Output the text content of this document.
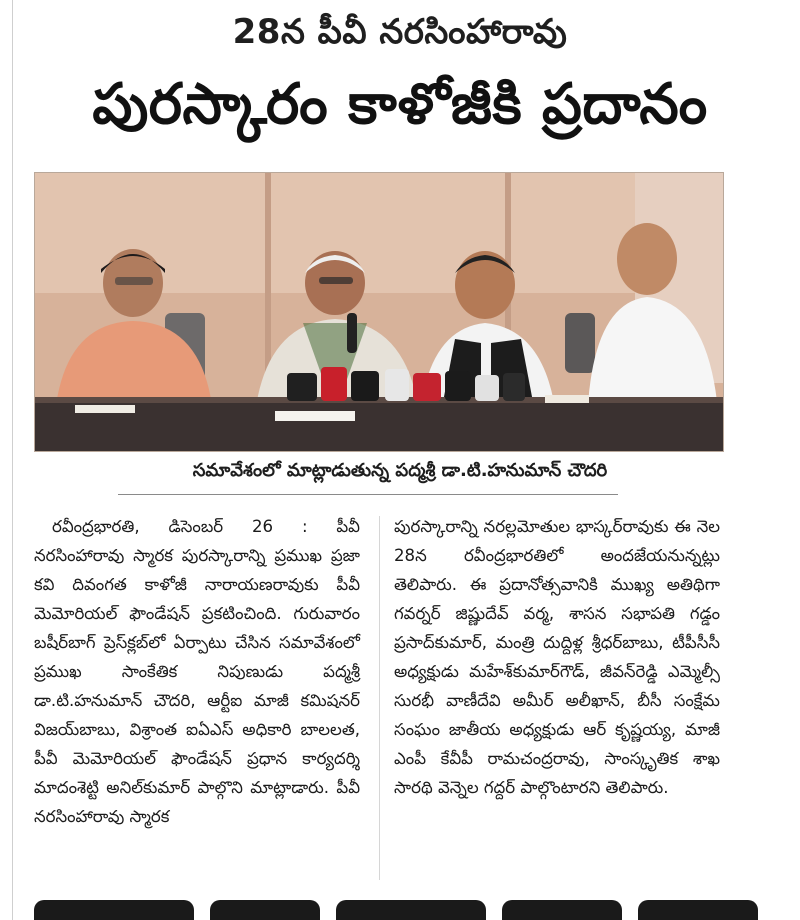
28న పీవీ నరసింహారావు
పురస్కారం కాళోజీకి ప్రదానం
సమావేశంలో మాట్లాడుతున్న పద్మశ్రీ డా.టి.హనుమాన్ చౌదరి

రవీంద్రభారతి, డిసెంబర్ 26 : పీవీ నరసింహారావు స్మారక పురస్కారాన్ని ప్రముఖ ప్రజా కవి దివంగత కాళోజీ నారాయణరావుకు పీవీ మెమోరియల్ ఫౌండేషన్ ప్రకటించింది. గురువారం బషీర్‌బాగ్ ప్రెస్‌క్లబ్‌లో ఏర్పాటు చేసిన సమావేశంలో ప్రముఖ సాంకేతిక నిపుణుడు పద్మశ్రీ డా.టి.హనుమాన్ చౌదరి, ఆర్టీఐ మాజీ కమిషనర్ విజయ్‌బాబు, విశ్రాంత ఐఏఎస్ అధికారి బాలలత, పీవీ మెమోరియల్ ఫౌండేషన్ ప్రధాన కార్యదర్శి మాదంశెట్టి అనిల్‌కుమార్ పాల్గొని మాట్లాడారు. పీవీ నరసింహారావు స్మారక

పురస్కారాన్ని నరల్లమోతుల భాస్కర్‌రావుకు ఈ నెల 28న రవీంద్రభారతిలో అందజేయనున్నట్లు తెలిపారు. ఈ ప్రదానోత్సవానికి ముఖ్య అతిథిగా గవర్నర్ జిష్ణుదేవ్ వర్మ, శాసన సభాపతి గడ్డం ప్రసాద్‌కుమార్, మంత్రి దుద్దిళ్ల శ్రీధర్‌బాబు, టీపీసీసీ అధ్యక్షుడు మహేశ్‌కుమార్‌గౌడ్, జీవన్‌రెడ్డి ఎమ్మెల్సీ సురభీ వాణీదేవి అమీర్ అలీఖాన్, బీసీ సంక్షేమ సంఘం జాతీయ అధ్యక్షుడు ఆర్ కృష్ణయ్య, మాజీ ఎంపీ కేవీపీ రామచంద్రరావు, సాంస్కృతిక శాఖ సారథి వెన్నెల గద్దర్ పాల్గొంటారని తెలిపారు.
